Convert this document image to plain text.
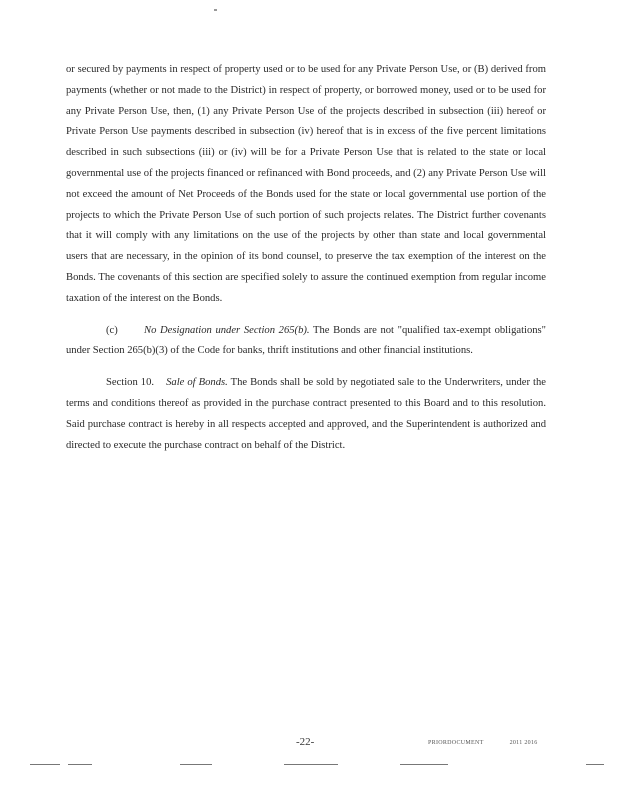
or secured by payments in respect of property used or to be used for any Private Person Use, or (B) derived from payments (whether or not made to the District) in respect of property, or borrowed money, used or to be used for any Private Person Use, then, (1) any Private Person Use of the projects described in subsection (iii) hereof or Private Person Use payments described in subsection (iv) hereof that is in excess of the five percent limitations described in such subsections (iii) or (iv) will be for a Private Person Use that is related to the state or local governmental use of the projects financed or refinanced with Bond proceeds, and (2) any Private Person Use will not exceed the amount of Net Proceeds of the Bonds used for the state or local governmental use portion of the projects to which the Private Person Use of such portion of such projects relates. The District further covenants that it will comply with any limitations on the use of the projects by other than state and local governmental users that are necessary, in the opinion of its bond counsel, to preserve the tax exemption of the interest on the Bonds. The covenants of this section are specified solely to assure the continued exemption from regular income taxation of the interest on the Bonds.

(c) No Designation under Section 265(b). The Bonds are not "qualified tax-exempt obligations" under Section 265(b)(3) of the Code for banks, thrift institutions and other financial institutions.

Section 10. Sale of Bonds. The Bonds shall be sold by negotiated sale to the Underwriters, under the terms and conditions thereof as provided in the purchase contract presented to this Board and to this resolution. Said purchase contract is hereby in all respects accepted and approved, and the Superintendent is authorized and directed to execute the purchase contract on behalf of the District.

-22-	PRIORDOCUMENT	2011 2016
